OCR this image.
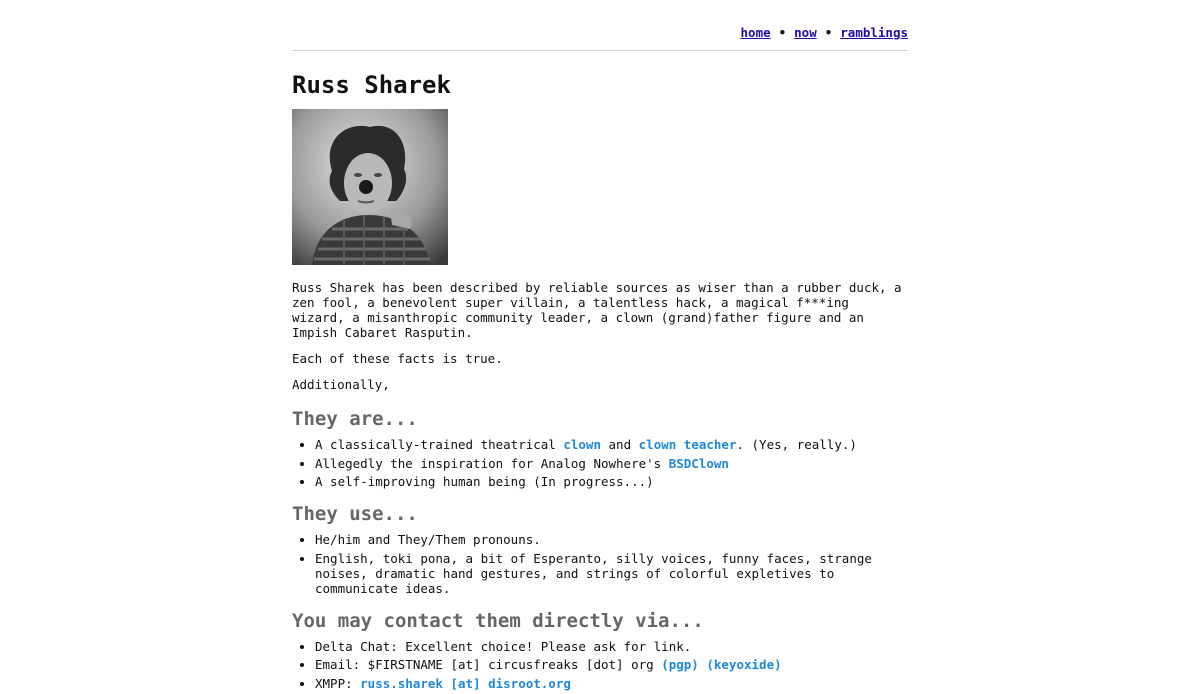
home • now • ramblings
Russ Sharek

Russ Sharek has been described by reliable sources as wiser than a rubber duck, a zen fool, a benevolent super villain, a talentless hack, a magical f***ing wizard, a misanthropic community leader, a clown (grand)father figure and an Impish Cabaret Rasputin.

Each of these facts is true.

Additionally,

They are...
• A classically-trained theatrical clown and clown teacher. (Yes, really.)
• Allegedly the inspiration for Analog Nowhere's BSDClown
• A self-improving human being (In progress...)
They use...
• He/him and They/Them pronouns.
• English, toki pona, a bit of Esperanto, silly voices, funny faces, strange noises, dramatic hand gestures, and strings of colorful expletives to communicate ideas.
You may contact them directly via...
• Delta Chat: Excellent choice! Please ask for link.
• Email: $FIRSTNAME [at] circusfreaks [dot] org (pgp) (keyoxide)
• XMPP: russ.sharek [at] disroot.org
